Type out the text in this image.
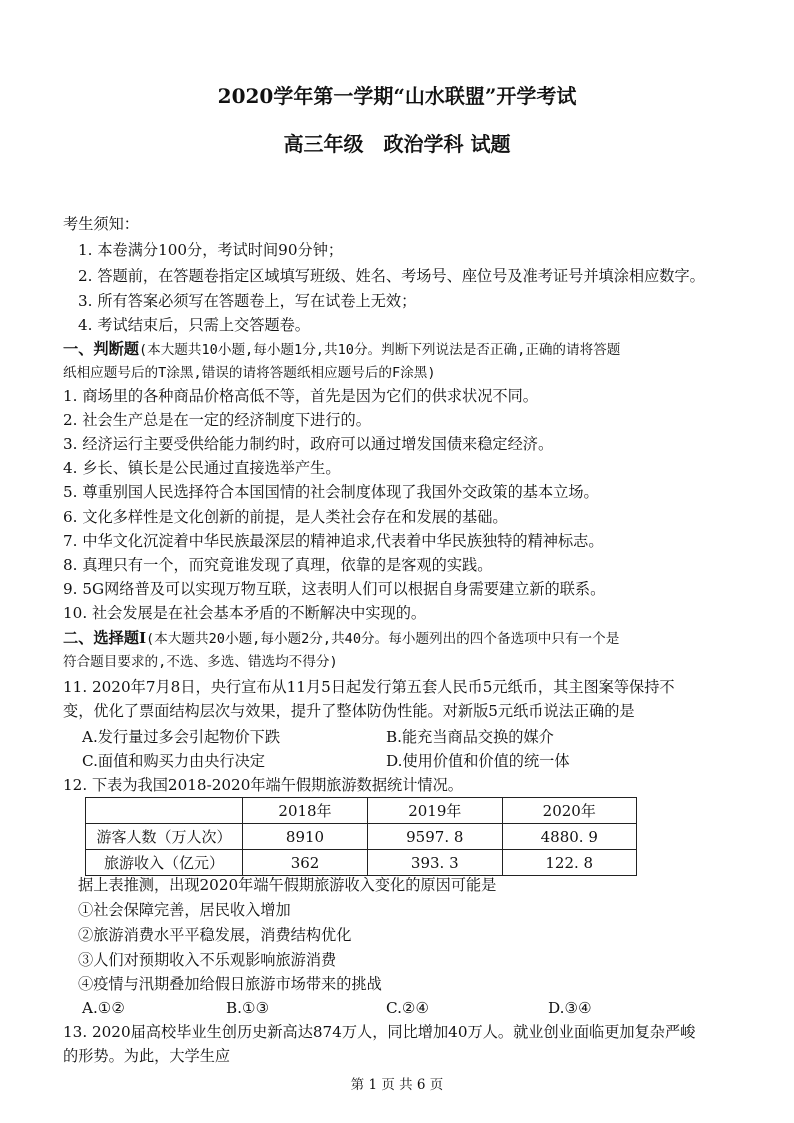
2020学年第一学期“山水联盟”开学考试
高三年级　政治学科 试题
考生须知：
1. 本卷满分100分，考试时间90分钟；
2. 答题前，在答题卷指定区域填写班级、姓名、考场号、座位号及准考证号并填涂相应数字。
3. 所有答案必须写在答题卷上，写在试卷上无效；
4. 考试结束后，只需上交答题卷。
一、判断题(本大题共10小题,每小题1分,共10分。判断下列说法是否正确,正确的请将答题
纸相应题号后的T涂黑,错误的请将答题纸相应题号后的F涂黑)
1. 商场里的各种商品价格高低不等，首先是因为它们的供求状况不同。
2. 社会生产总是在一定的经济制度下进行的。
3. 经济运行主要受供给能力制约时，政府可以通过增发国债来稳定经济。
4. 乡长、镇长是公民通过直接选举产生。
5. 尊重别国人民选择符合本国国情的社会制度体现了我国外交政策的基本立场。
6. 文化多样性是文化创新的前提，是人类社会存在和发展的基础。
7. 中华文化沉淀着中华民族最深层的精神追求,代表着中华民族独特的精神标志。
8. 真理只有一个，而究竟谁发现了真理，依靠的是客观的实践。
9. 5G网络普及可以实现万物互联，这表明人们可以根据自身需要建立新的联系。
10. 社会发展是在社会基本矛盾的不断解决中实现的。
二、选择题Ⅰ(本大题共20小题,每小题2分,共40分。每小题列出的四个备选项中只有一个是
符合题目要求的,不选、多选、错选均不得分)
11. 2020年7月8日，央行宣布从11月5日起发行第五套人民币5元纸币，其主图案等保持不
变，优化了票面结构层次与效果，提升了整体防伪性能。对新版5元纸币说法正确的是
A.发行量过多会引起物价下跌	B.能充当商品交换的媒介
C.面值和购买力由央行决定	D.使用价值和价值的统一体
12. 下表为我国2018-2020年端午假期旅游数据统计情况。
	2018年	2019年	2020年
游客人数（万人次）	8910	9597. 8	4880. 9
旅游收入（亿元）	362	393. 3	122. 8
据上表推测，出现2020年端午假期旅游收入变化的原因可能是
①社会保障完善，居民收入增加
②旅游消费水平平稳发展，消费结构优化
③人们对预期收入不乐观影响旅游消费
④疫情与汛期叠加给假日旅游市场带来的挑战
A.①②	B.①③	C.②④	D.③④
13. 2020届高校毕业生创历史新高达874万人，同比增加40万人。就业创业面临更加复杂严峻
的形势。为此，大学生应
第 1 页 共 6 页
